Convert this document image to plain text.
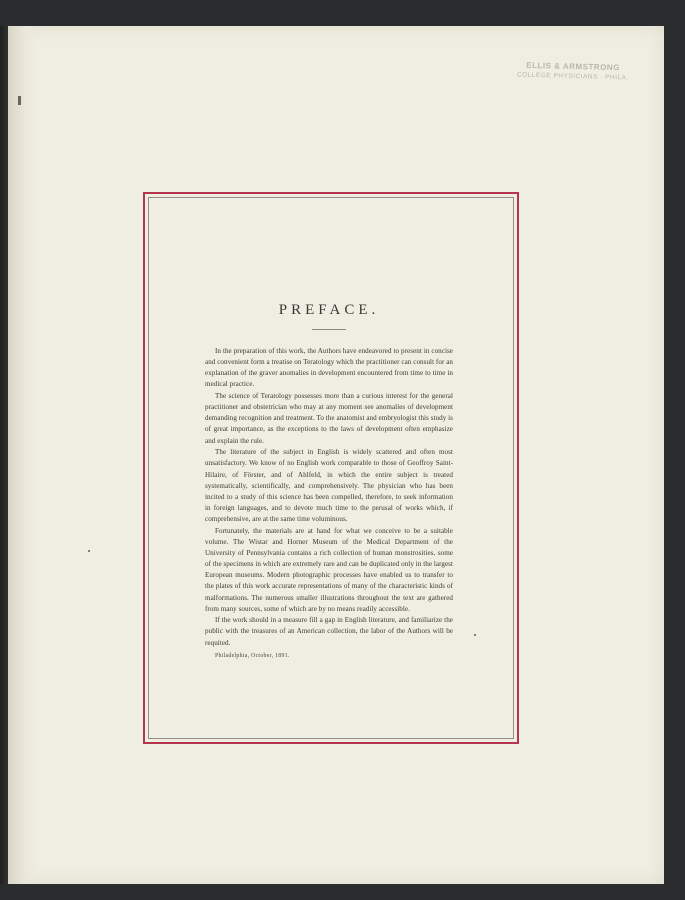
ELLIS & ARMSTRONG
COLLEGE PHYSICIANS · PHILA.
PREFACE.

In the preparation of this work, the Authors have endeavored to present in concise and convenient form a treatise on Teratology which the practitioner can consult for an explanation of the graver anomalies in development encountered from time to time in medical practice.

The science of Teratology possesses more than a curious interest for the general practitioner and obstetrician who may at any moment see anomalies of development demanding recognition and treatment. To the anatomist and embryologist this study is of great importance, as the exceptions to the laws of development often emphasize and explain the rule.

The literature of the subject in English is widely scattered and often most unsatisfactory. We know of no English work comparable to those of Geoffroy Saint-Hilaire, of Förster, and of Ahlfeld, in which the entire subject is treated systematically, scientifically, and comprehensively. The physician who has been incited to a study of this science has been compelled, therefore, to seek information in foreign languages, and to devote much time to the perusal of works which, if comprehensive, are at the same time voluminous.

Fortunately, the materials are at hand for what we conceive to be a suitable volume. The Wistar and Horner Museum of the Medical Department of the University of Pennsylvania contains a rich collection of human monstrosities, some of the specimens in which are extremely rare and can be duplicated only in the largest European museums. Modern photographic processes have enabled us to transfer to the plates of this work accurate representations of many of the characteristic kinds of malformations. The numerous smaller illustrations throughout the text are gathered from many sources, some of which are by no means readily accessible.

If the work should in a measure fill a gap in English literature, and familiarize the public with the treasures of an American collection, the labor of the Authors will be requited.

Philadelphia, October, 1891.
